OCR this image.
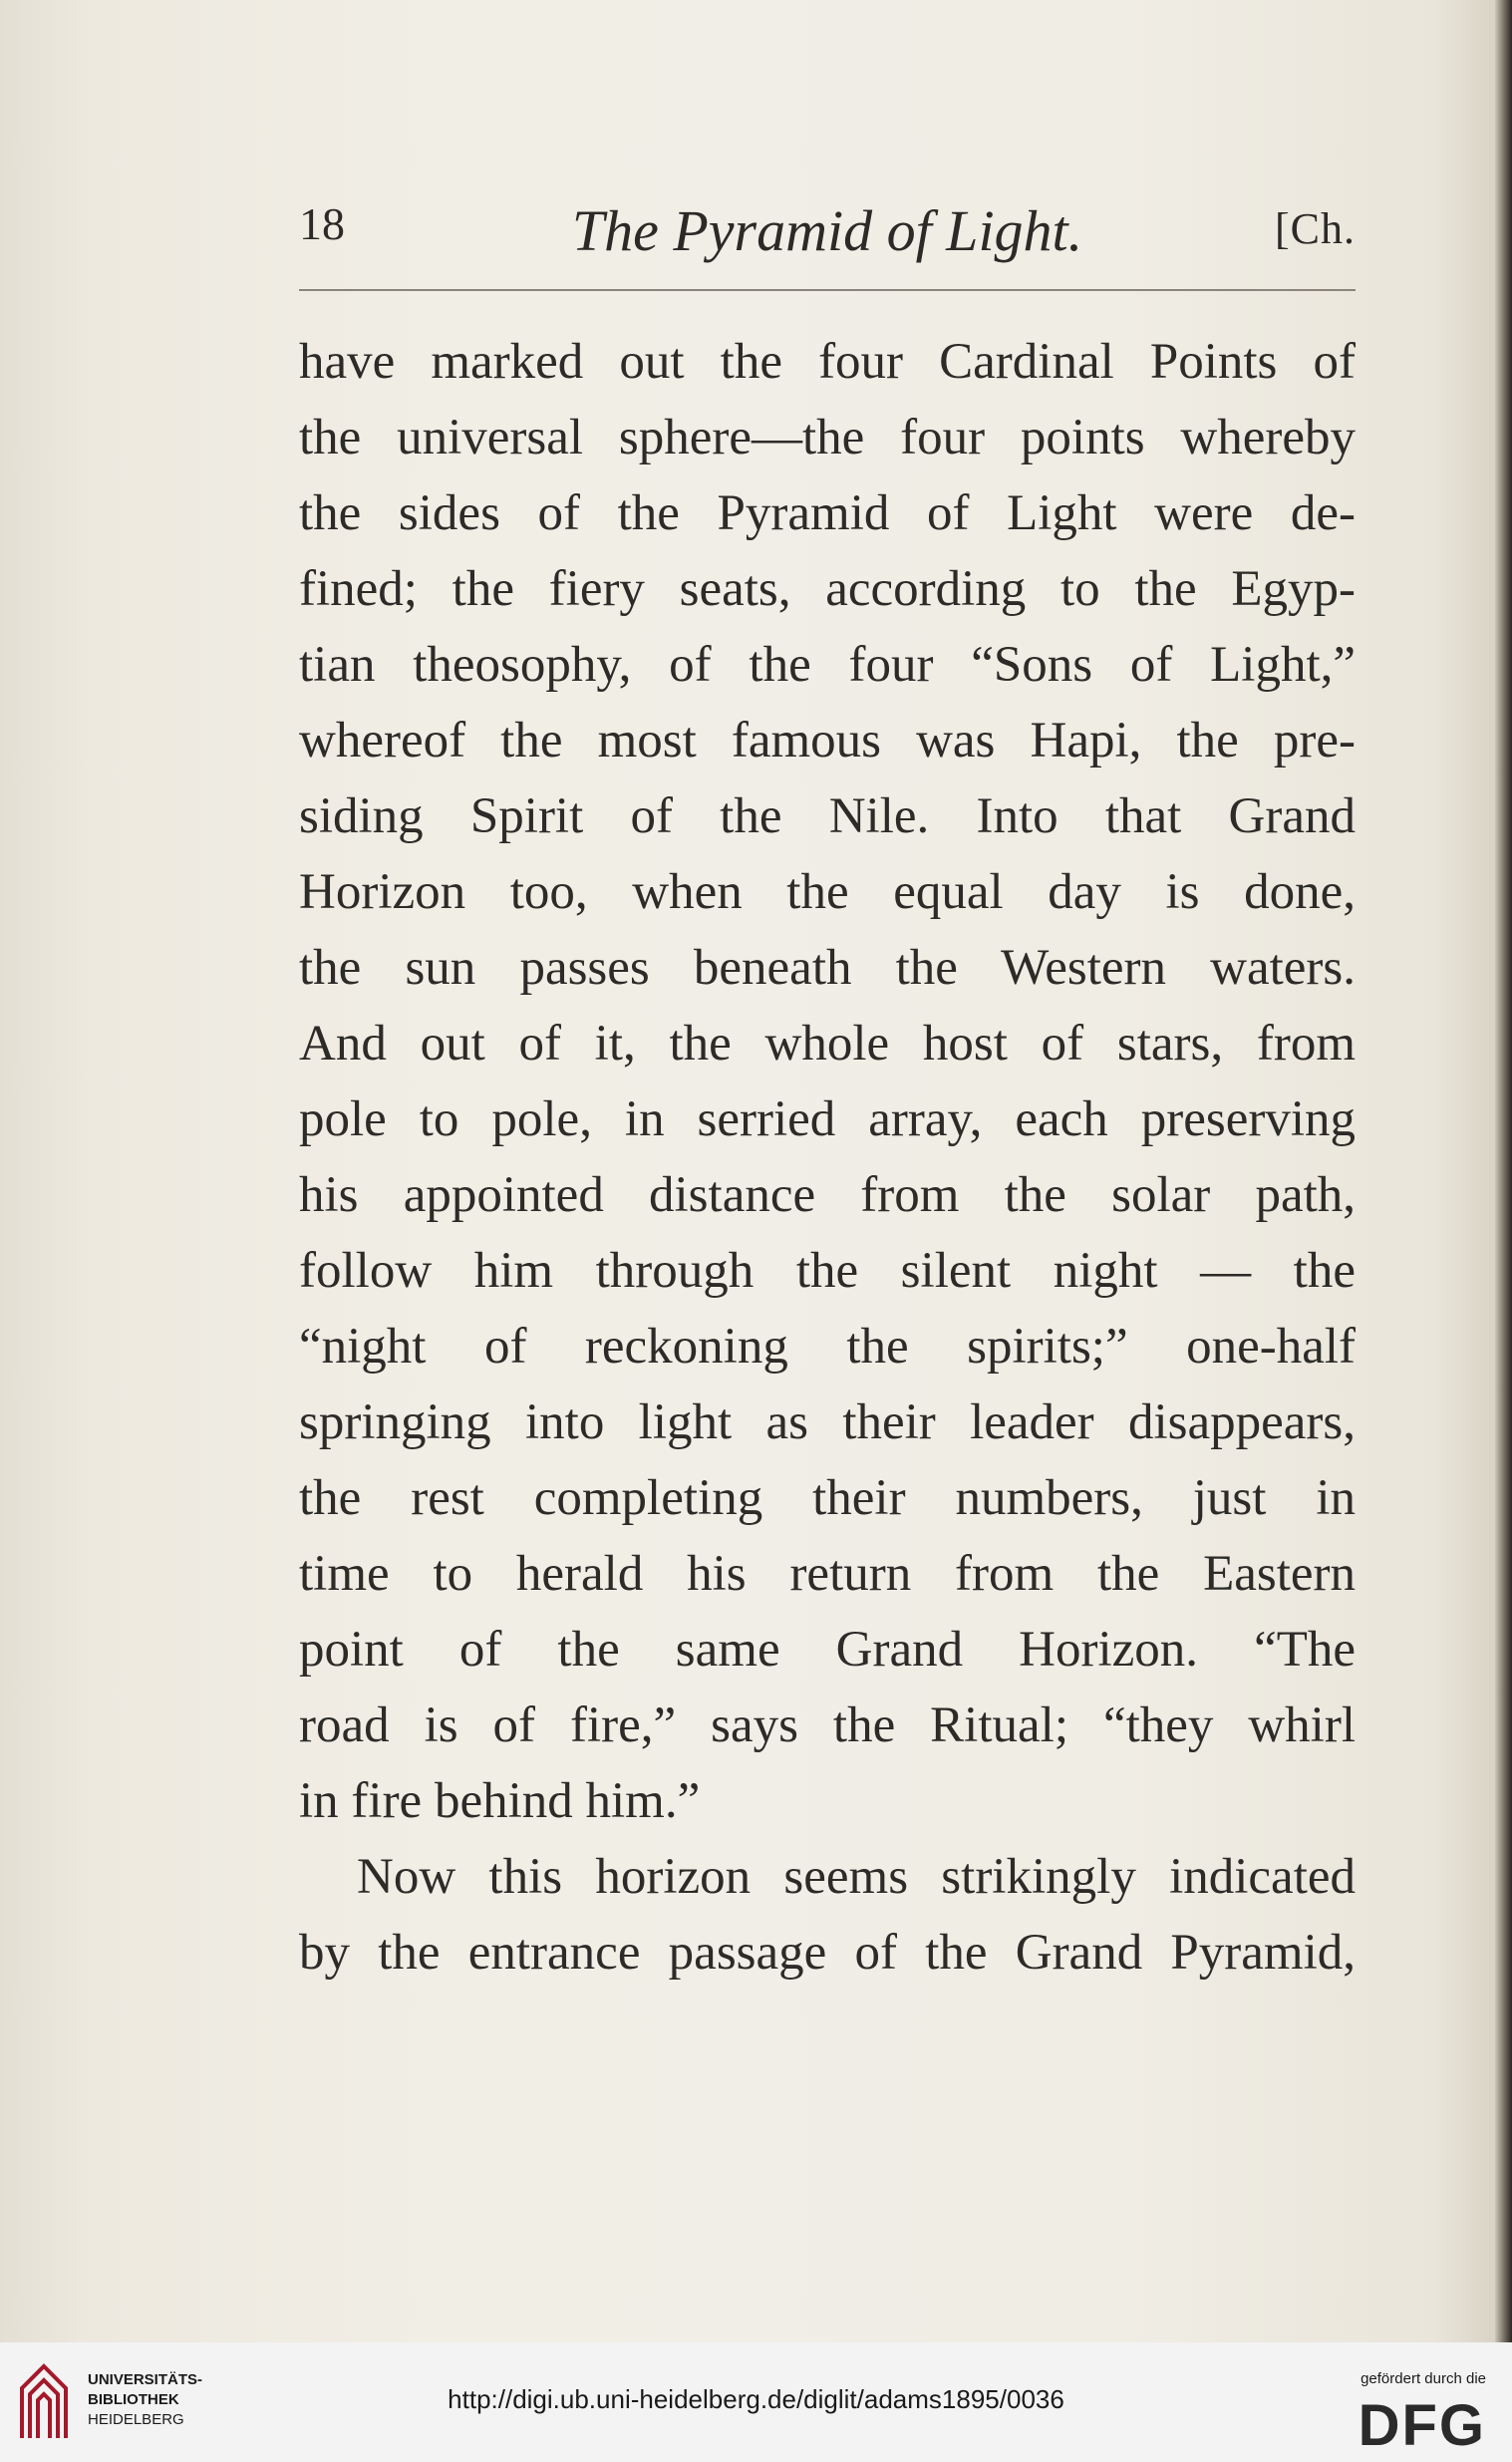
The Pyramid of Light.
18	[Ch.
have marked out the four Cardinal Points of
the universal sphere—the four points whereby
the sides of the Pyramid of Light were de-
fined; the fiery seats, according to the Egyp-
tian theosophy, of the four “Sons of Light,”
whereof the most famous was Hapi, the pre-
siding Spirit of the Nile. Into that Grand
Horizon too, when the equal day is done,
the sun passes beneath the Western waters.
And out of it, the whole host of stars, from
pole to pole, in serried array, each preserving
his appointed distance from the solar path,
follow him through the silent night — the
“night of reckoning the spirits;” one-half
springing into light as their leader disappears,
the rest completing their numbers, just in
time to herald his return from the Eastern
point of the same Grand Horizon. “The
road is of fire,” says the Ritual; “they whirl
in fire behind him.”
Now this horizon seems strikingly indicated
by the entrance passage of the Grand Pyramid,
UNIVERSITÄTS-
BIBLIOTHEK
HEIDELBERG
http://digi.ub.uni-heidelberg.de/diglit/adams1895/0036
gefördert durch die
DFG
